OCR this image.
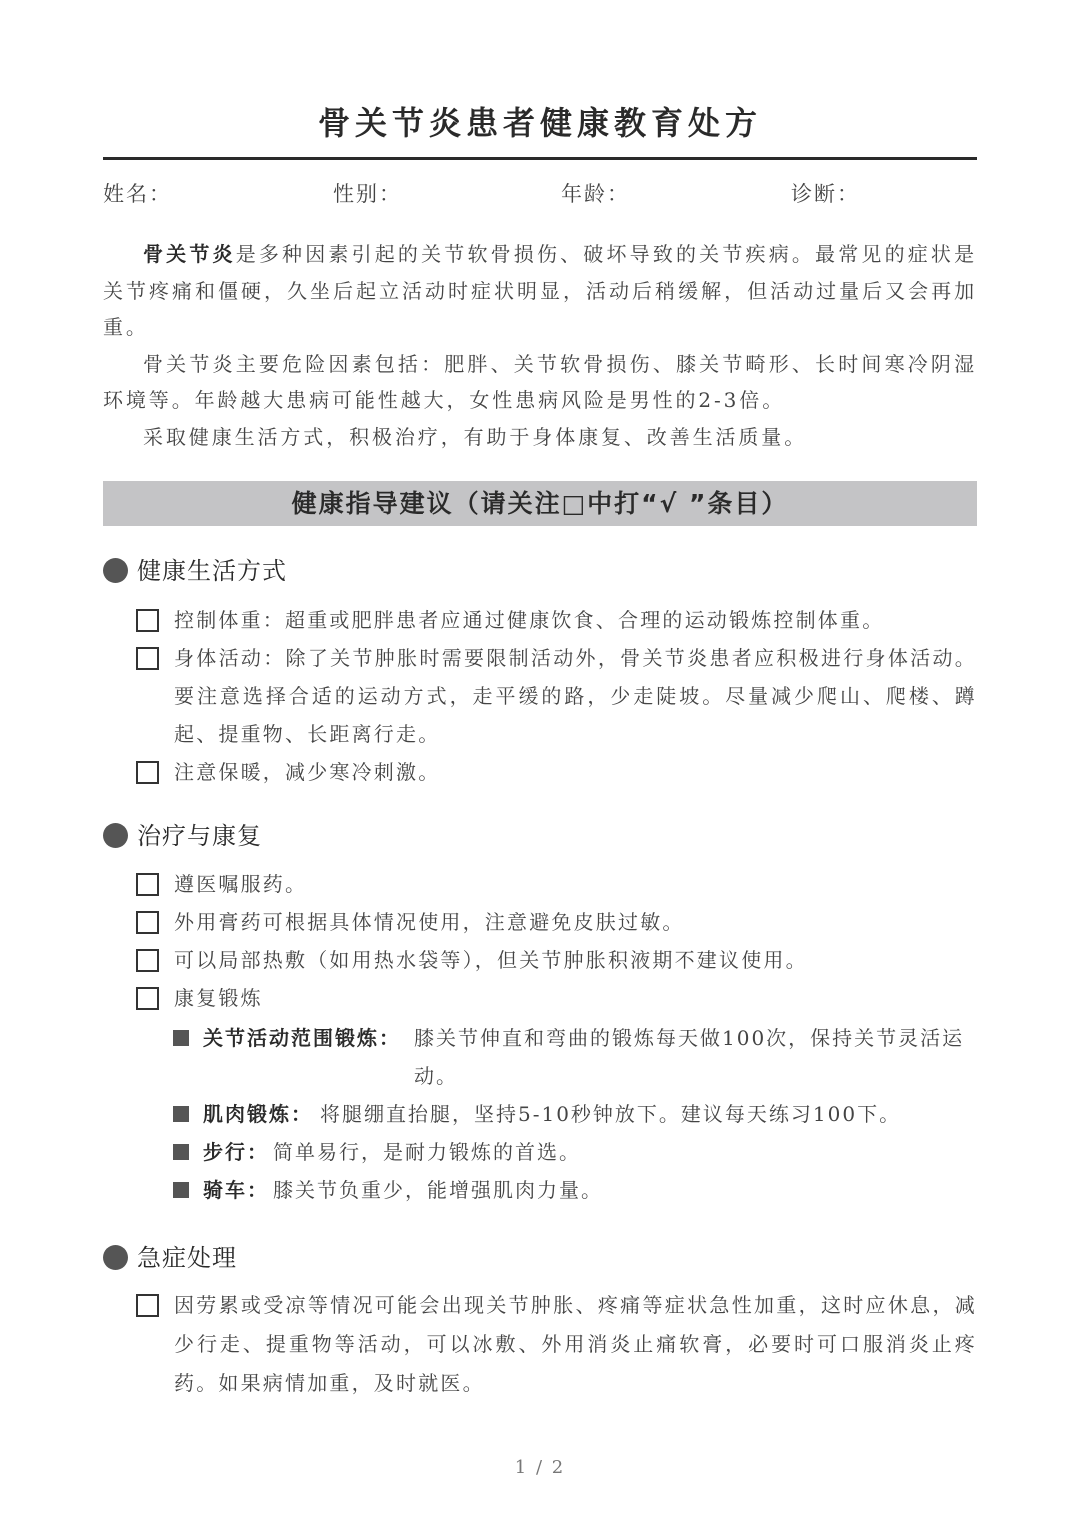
骨关节炎患者健康教育处方
姓名：	性别：	年龄：	诊断：

骨关节炎是多种因素引起的关节软骨损伤、破坏导致的关节疾病。最常见的症状是关节疼痛和僵硬，久坐后起立活动时症状明显，活动后稍缓解，但活动过量后又会再加重。

骨关节炎主要危险因素包括：肥胖、关节软骨损伤、膝关节畸形、长时间寒冷阴湿环境等。年龄越大患病可能性越大，女性患病风险是男性的2-3倍。

采取健康生活方式，积极治疗，有助于身体康复、改善生活质量。

健康指导建议（请关注□中打“√ ”条目）
健康生活方式
控制体重：超重或肥胖患者应通过健康饮食、合理的运动锻炼控制体重。
身体活动：除了关节肿胀时需要限制活动外，骨关节炎患者应积极进行身体活动。要注意选择合适的运动方式，走平缓的路，少走陡坡。尽量减少爬山、爬楼、蹲起、提重物、长距离行走。
注意保暖，减少寒冷刺激。
治疗与康复
遵医嘱服药。
外用膏药可根据具体情况使用，注意避免皮肤过敏。
可以局部热敷（如用热水袋等），但关节肿胀积液期不建议使用。
康复锻炼
关节活动范围锻炼： 膝关节伸直和弯曲的锻炼每天做100次，保持关节灵活运动。
肌肉锻炼： 将腿绷直抬腿，坚持5-10秒钟放下。建议每天练习100下。
步行： 简单易行，是耐力锻炼的首选。
骑车： 膝关节负重少，能增强肌肉力量。
急症处理
因劳累或受凉等情况可能会出现关节肿胀、疼痛等症状急性加重，这时应休息，减少行走、提重物等活动，可以冰敷、外用消炎止痛软膏，必要时可口服消炎止疼药。如果病情加重，及时就医。
1 / 2
